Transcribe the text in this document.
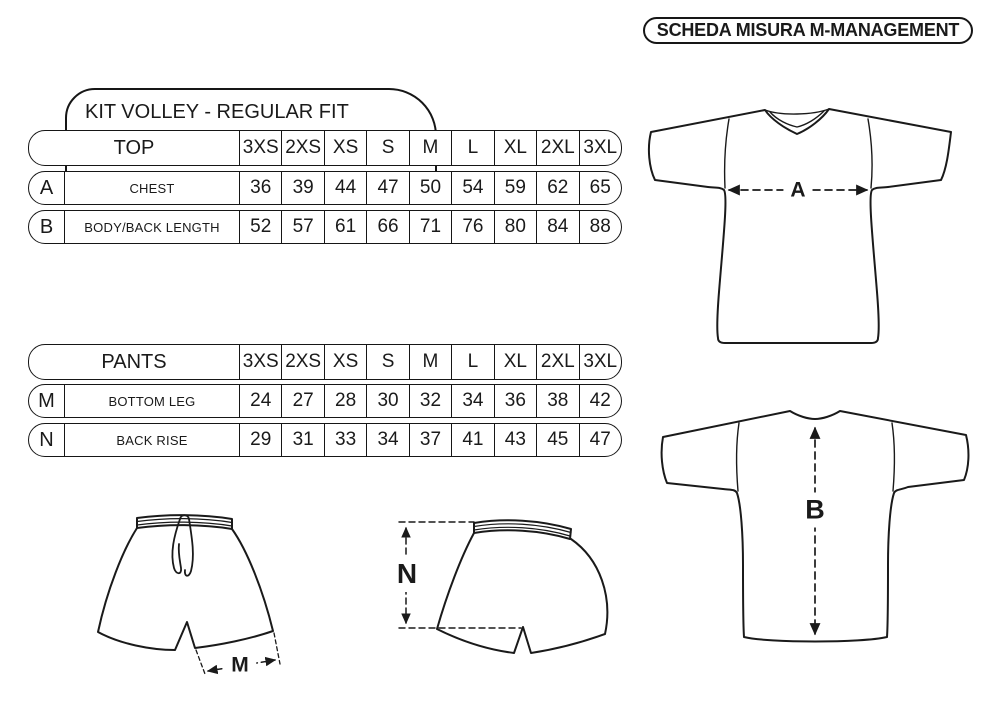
SCHEDA MISURA M-MANAGEMENT
KIT VOLLEY - REGULAR FIT
TOP	3XS 2XS XS	S	M	L	XL 2XL 3XL
A	CHEST	36	39	44	47	50	54	59	62	65
B	BODY/BACK LENGTH	52	57	61	66	71	76	80	84	88
PANTS	3XS 2XS XS	S	M	L	XL 2XL 3XL
M	BOTTOM LEG	24	27	28	30	32	34	36	38	42
N	BACK RISE	29	31	33	34	37	41	43	45	47
A
B
M
N
